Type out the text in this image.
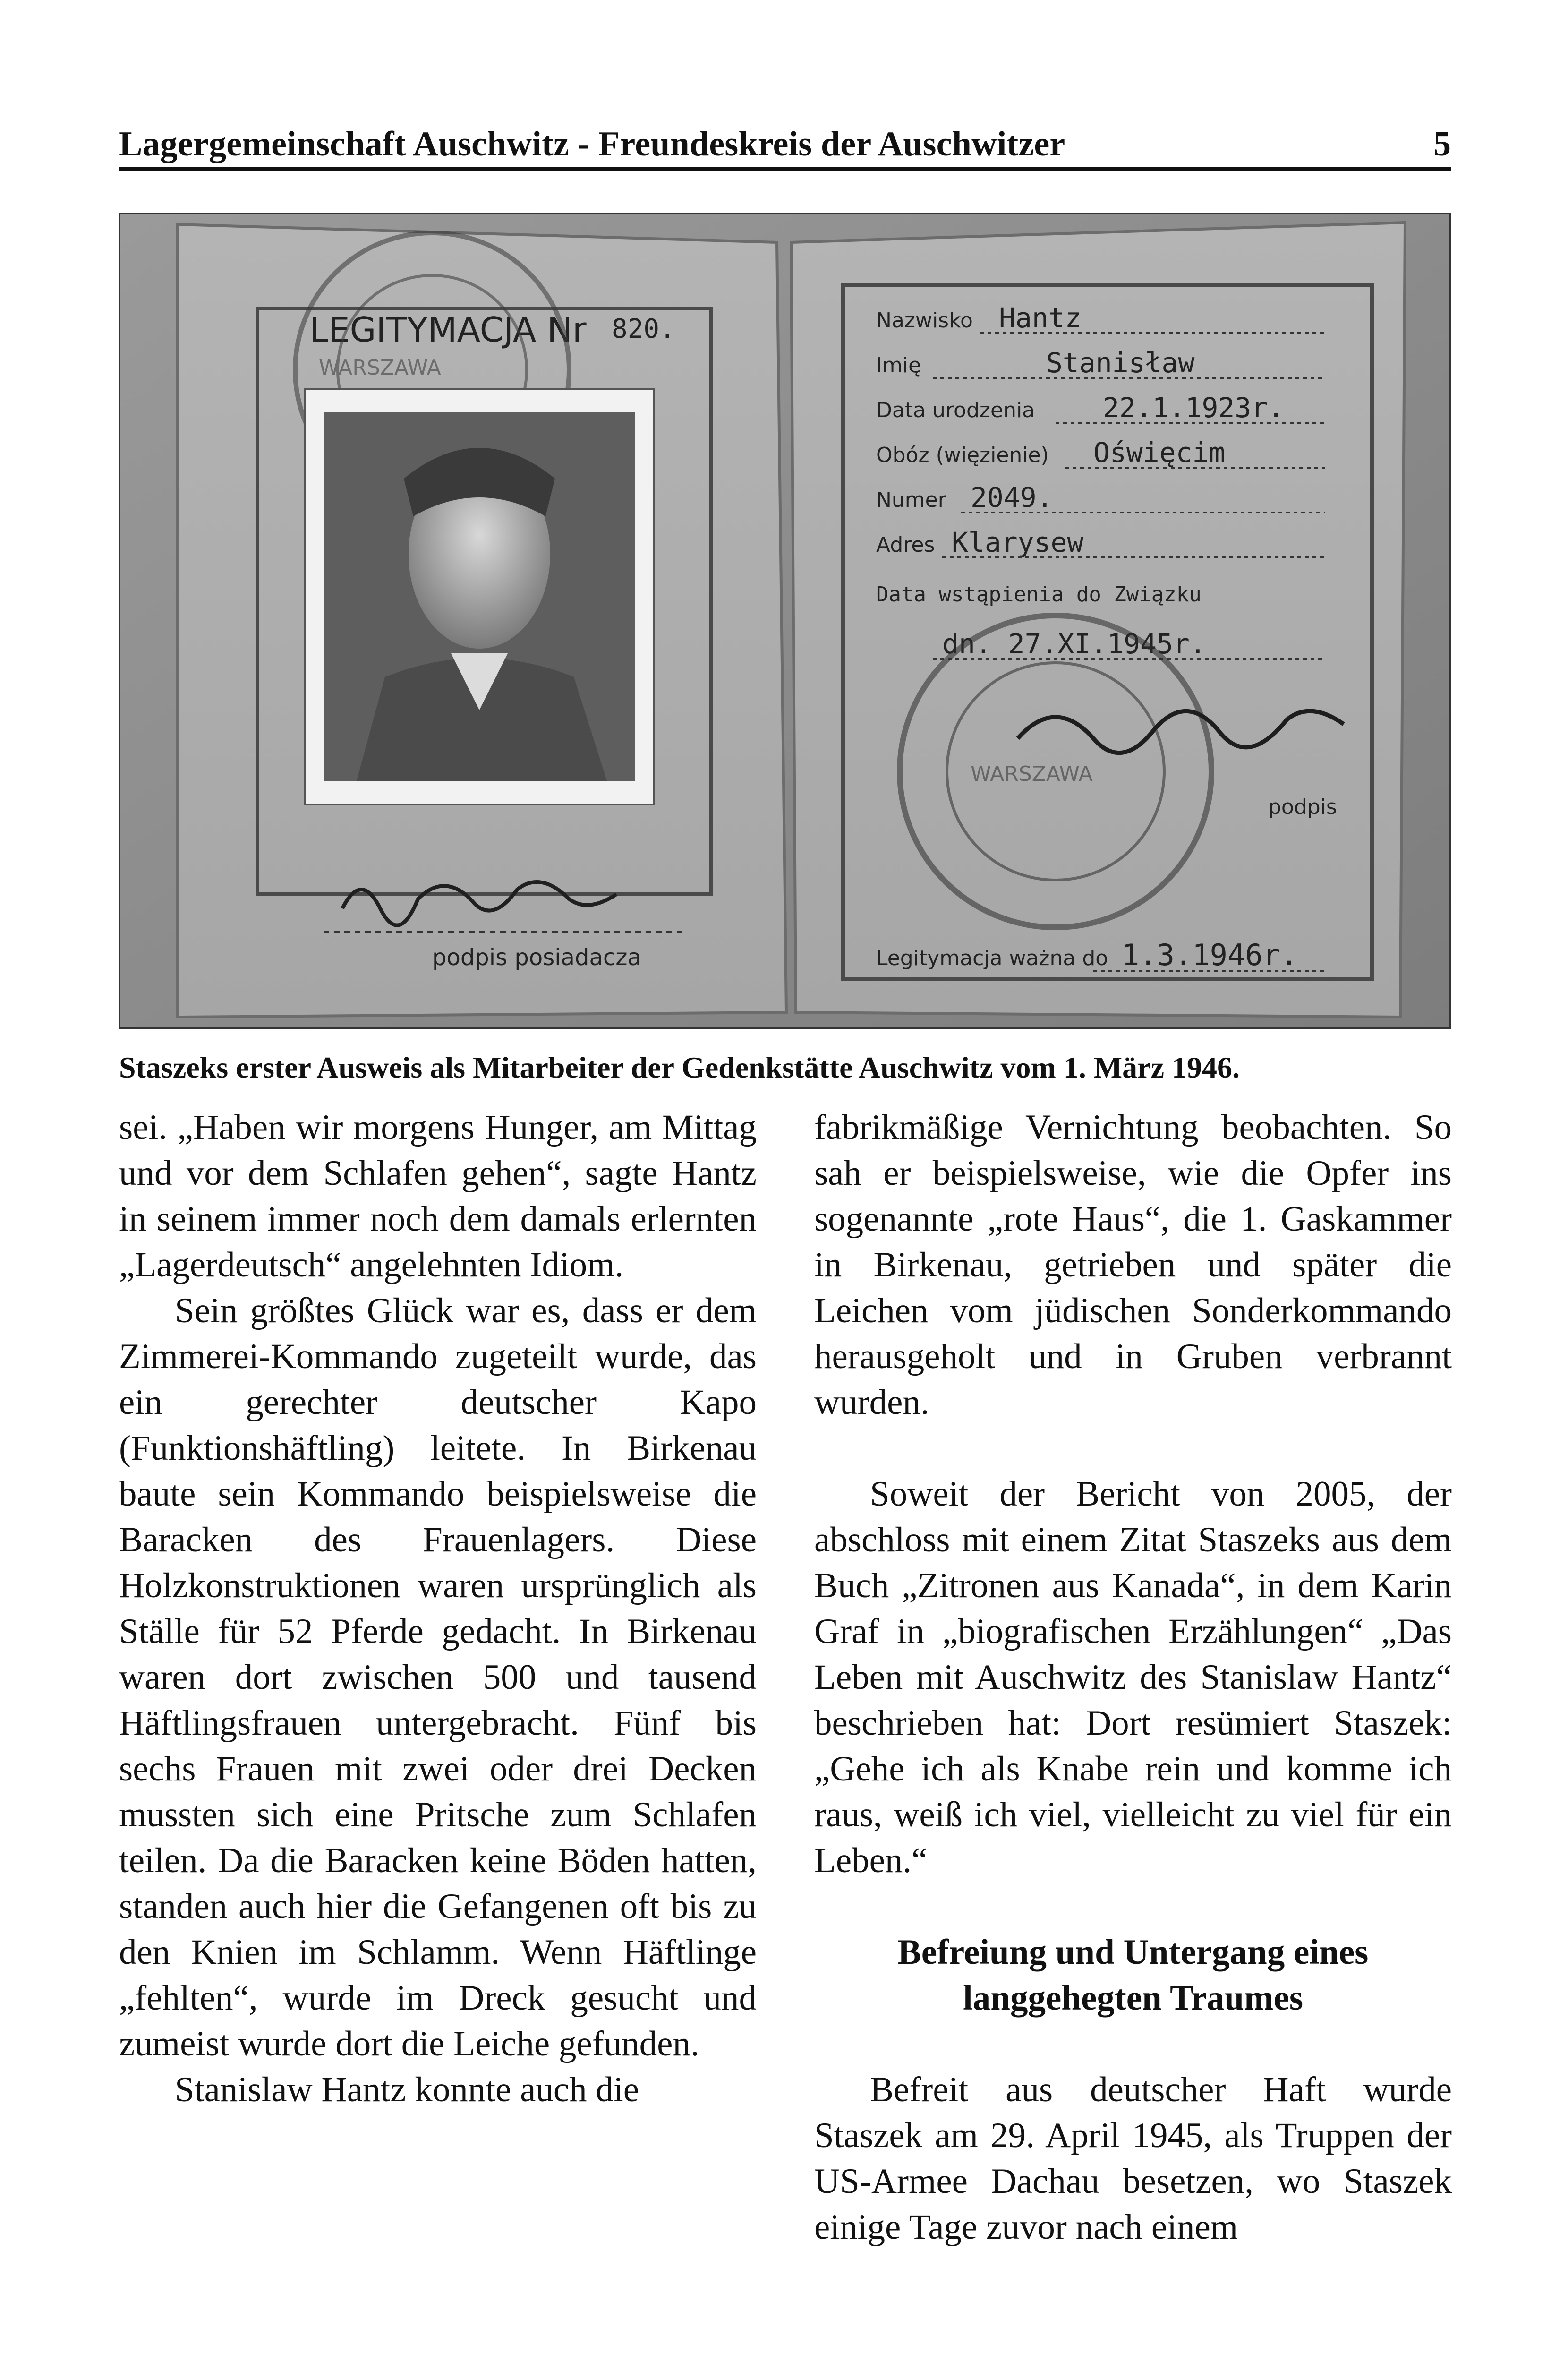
Lagergemeinschaft Auschwitz - Freundeskreis der Auschwitzer	5
LEGITYMACJA Nr 820.
WARSZAWA
podpis posiadacza
Nazwisko Hantz
Imię	Stanisław
Data urodzenia 22.1.1923r.
Obóz (więzienie) Oświęcim
Numer 2049.
Adres Klarysew
Data wstąpienia do Związku
dn. 27.XI.1945r.
podpis
Legitymacja ważna do 1.3.1946r.
WARSZAWA
Staszeks erster Ausweis als Mitarbeiter der Gedenkstätte Auschwitz vom 1. März 1946.

sei. „Haben wir morgens Hunger, am Mittag und vor dem Schlafen gehen“, sagte Hantz in seinem immer noch dem damals erlernten „Lagerdeutsch“ angelehnten Idiom.

Sein größtes Glück war es, dass er dem Zimmerei-Kommando zugeteilt wurde, das ein gerechter deutscher Kapo (Funktionshäftling) leitete. In Birkenau baute sein Kommando beispielsweise die Baracken des Frauenlagers. Diese Holzkonstruktionen waren ursprünglich als Ställe für 52 Pferde gedacht. In Birkenau waren dort zwischen 500 und tausend Häftlingsfrauen untergebracht. Fünf bis sechs Frauen mit zwei oder drei Decken mussten sich eine Pritsche zum Schlafen teilen. Da die Baracken keine Böden hatten, standen auch hier die Gefangenen oft bis zu den Knien im Schlamm. Wenn Häftlinge „fehlten“, wurde im Dreck gesucht und zumeist wurde dort die Leiche gefunden.

Stanislaw Hantz konnte auch die

fabrikmäßige Vernichtung beobachten. So sah er beispielsweise, wie die Opfer ins sogenannte „rote Haus“, die 1. Gaskammer in Birkenau, getrieben und später die Leichen vom jüdischen Sonderkommando herausgeholt und in Gruben verbrannt wurden.

Soweit der Bericht von 2005, der abschloss mit einem Zitat Staszeks aus dem Buch „Zitronen aus Kanada“, in dem Karin Graf in „biografischen Erzählungen“ „Das Leben mit Auschwitz des Stanislaw Hantz“ beschrieben hat: Dort resümiert Staszek: „Gehe ich als Knabe rein und komme ich raus, weiß ich viel, vielleicht zu viel für ein Leben.“

Befreiung und Untergang eines langgehegten Traumes

Befreit aus deutscher Haft wurde Staszek am 29. April 1945, als Truppen der US-Armee Dachau besetzen, wo Staszek einige Tage zuvor nach einem
